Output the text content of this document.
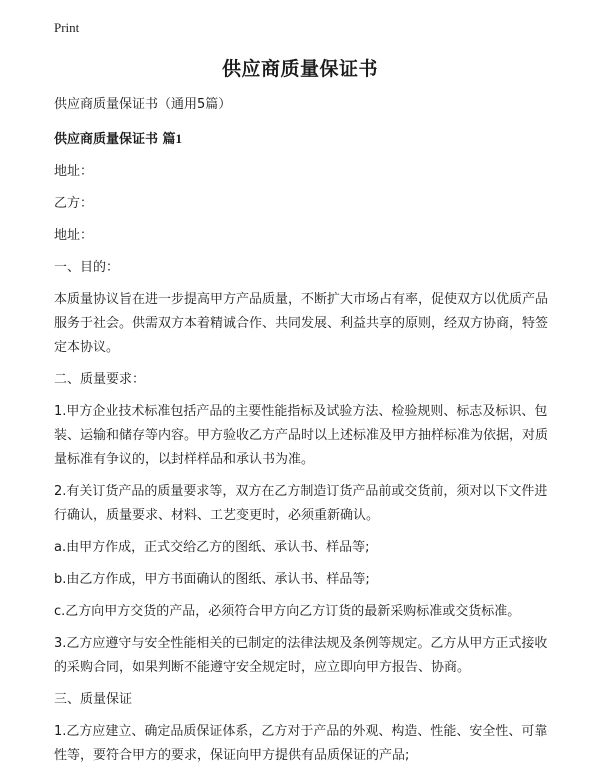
Print
供应商质量保证书

供应商质量保证书（通用5篇）

供应商质量保证书 篇1

地址：

乙方：

地址：

一、目的：

本质量协议旨在进一步提高甲方产品质量，不断扩大市场占有率，促使双方以优质产品服务于社会。供需双方本着精诚合作、共同发展、利益共享的原则，经双方协商，特签定本协议。

二、质量要求：

1.甲方企业技术标准包括产品的主要性能指标及试验方法、检验规则、标志及标识、包装、运输和储存等内容。甲方验收乙方产品时以上述标准及甲方抽样标准为依据，对质量标准有争议的，以封样样品和承认书为准。

2.有关订货产品的质量要求等，双方在乙方制造订货产品前或交货前，须对以下文件进行确认，质量要求、材料、工艺变更时，必须重新确认。

a.由甲方作成，正式交给乙方的图纸、承认书、样品等;

b.由乙方作成，甲方书面确认的图纸、承认书、样品等;

c.乙方向甲方交货的产品，必须符合甲方向乙方订货的最新采购标准或交货标准。

3.乙方应遵守与安全性能相关的已制定的法律法规及条例等规定。乙方从甲方正式接收的采购合同，如果判断不能遵守安全规定时，应立即向甲方报告、协商。

三、质量保证

1.乙方应建立、确定品质保证体系，乙方对于产品的外观、构造、性能、安全性、可靠性等，要符合甲方的要求，保证向甲方提供有品质保证的产品;
